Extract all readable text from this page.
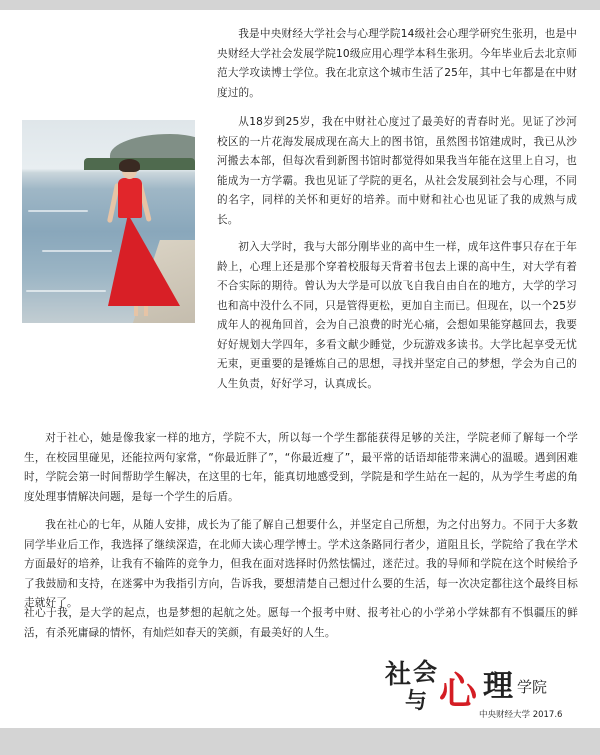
我是中央财经大学社会与心理学院14级社会心理学研究生张玥，也是中央财经大学社会发展学院10级应用心理学本科生张玥。今年毕业后去北京师范大学攻读博士学位。我在北京这个城市生活了25年，其中七年都是在中财度过的。

从18岁到25岁，我在中财社心度过了最美好的青春时光。见证了沙河校区的一片花海发展成现在高大上的图书馆，虽然图书馆建成时，我已从沙河搬去本部，但每次看到新图书馆时都觉得如果我当年能在这里上自习，也能成为一方学霸。我也见证了学院的更名，从社会发展到社会与心理，不同的名字，同样的关怀和更好的培养。而中财和社心也见证了我的成熟与成长。

初入大学时，我与大部分刚毕业的高中生一样，成年这件事只存在于年龄上，心理上还是那个穿着校服每天背着书包去上课的高中生，对大学有着不合实际的期待。曾认为大学是可以放飞自我自由自在的地方，大学的学习也和高中没什么不同，只是管得更松，更加自主而已。但现在，以一个25岁成年人的视角回首，会为自己浪费的时光心痛，会想如果能穿越回去，我要好好规划大学四年，多看文献少睡觉，少玩游戏多读书。大学比起享受无忧无束，更重要的是锤炼自己的思想，寻找并坚定自己的梦想，学会为自己的人生负责，好好学习，认真成长。

对于社心，她是像我家一样的地方，学院不大，所以每一个学生都能获得足够的关注，学院老师了解每一个学生，在校园里碰见，还能拉两句家常，“你最近胖了”，“你最近瘦了”，最平常的话语却能带来满心的温暖。遇到困难时，学院会第一时间帮助学生解决，在这里的七年，能真切地感受到，学院是和学生站在一起的，从为学生考虑的角度处理事情解决问题，是每一个学生的后盾。

我在社心的七年，从随人安排，成长为了能了解自己想要什么，并坚定自己所想，为之付出努力。不同于大多数同学毕业后工作，我选择了继续深造，在北师大读心理学博士。学术这条路同行者少，道阻且长，学院给了我在学术方面最好的培养，让我有不输阵的竞争力，但我在面对选择时仍然怯懦过，迷茫过。我的导师和学院在这个时候给予了我鼓励和支持，在迷雾中为我指引方向，告诉我，要想清楚自己想过什么要的生活，每一次决定都往这个最终目标走就好了。

社心于我，是大学的起点，也是梦想的起航之处。愿每一个报考中财、报考社心的小学弟小学妹都有不惧疆压的鲜活，有杀死庸碌的情怀，有灿烂如春天的笑颜，有最美好的人生。

社 会
与 心 理 学院
中央财经大学 2017.6
